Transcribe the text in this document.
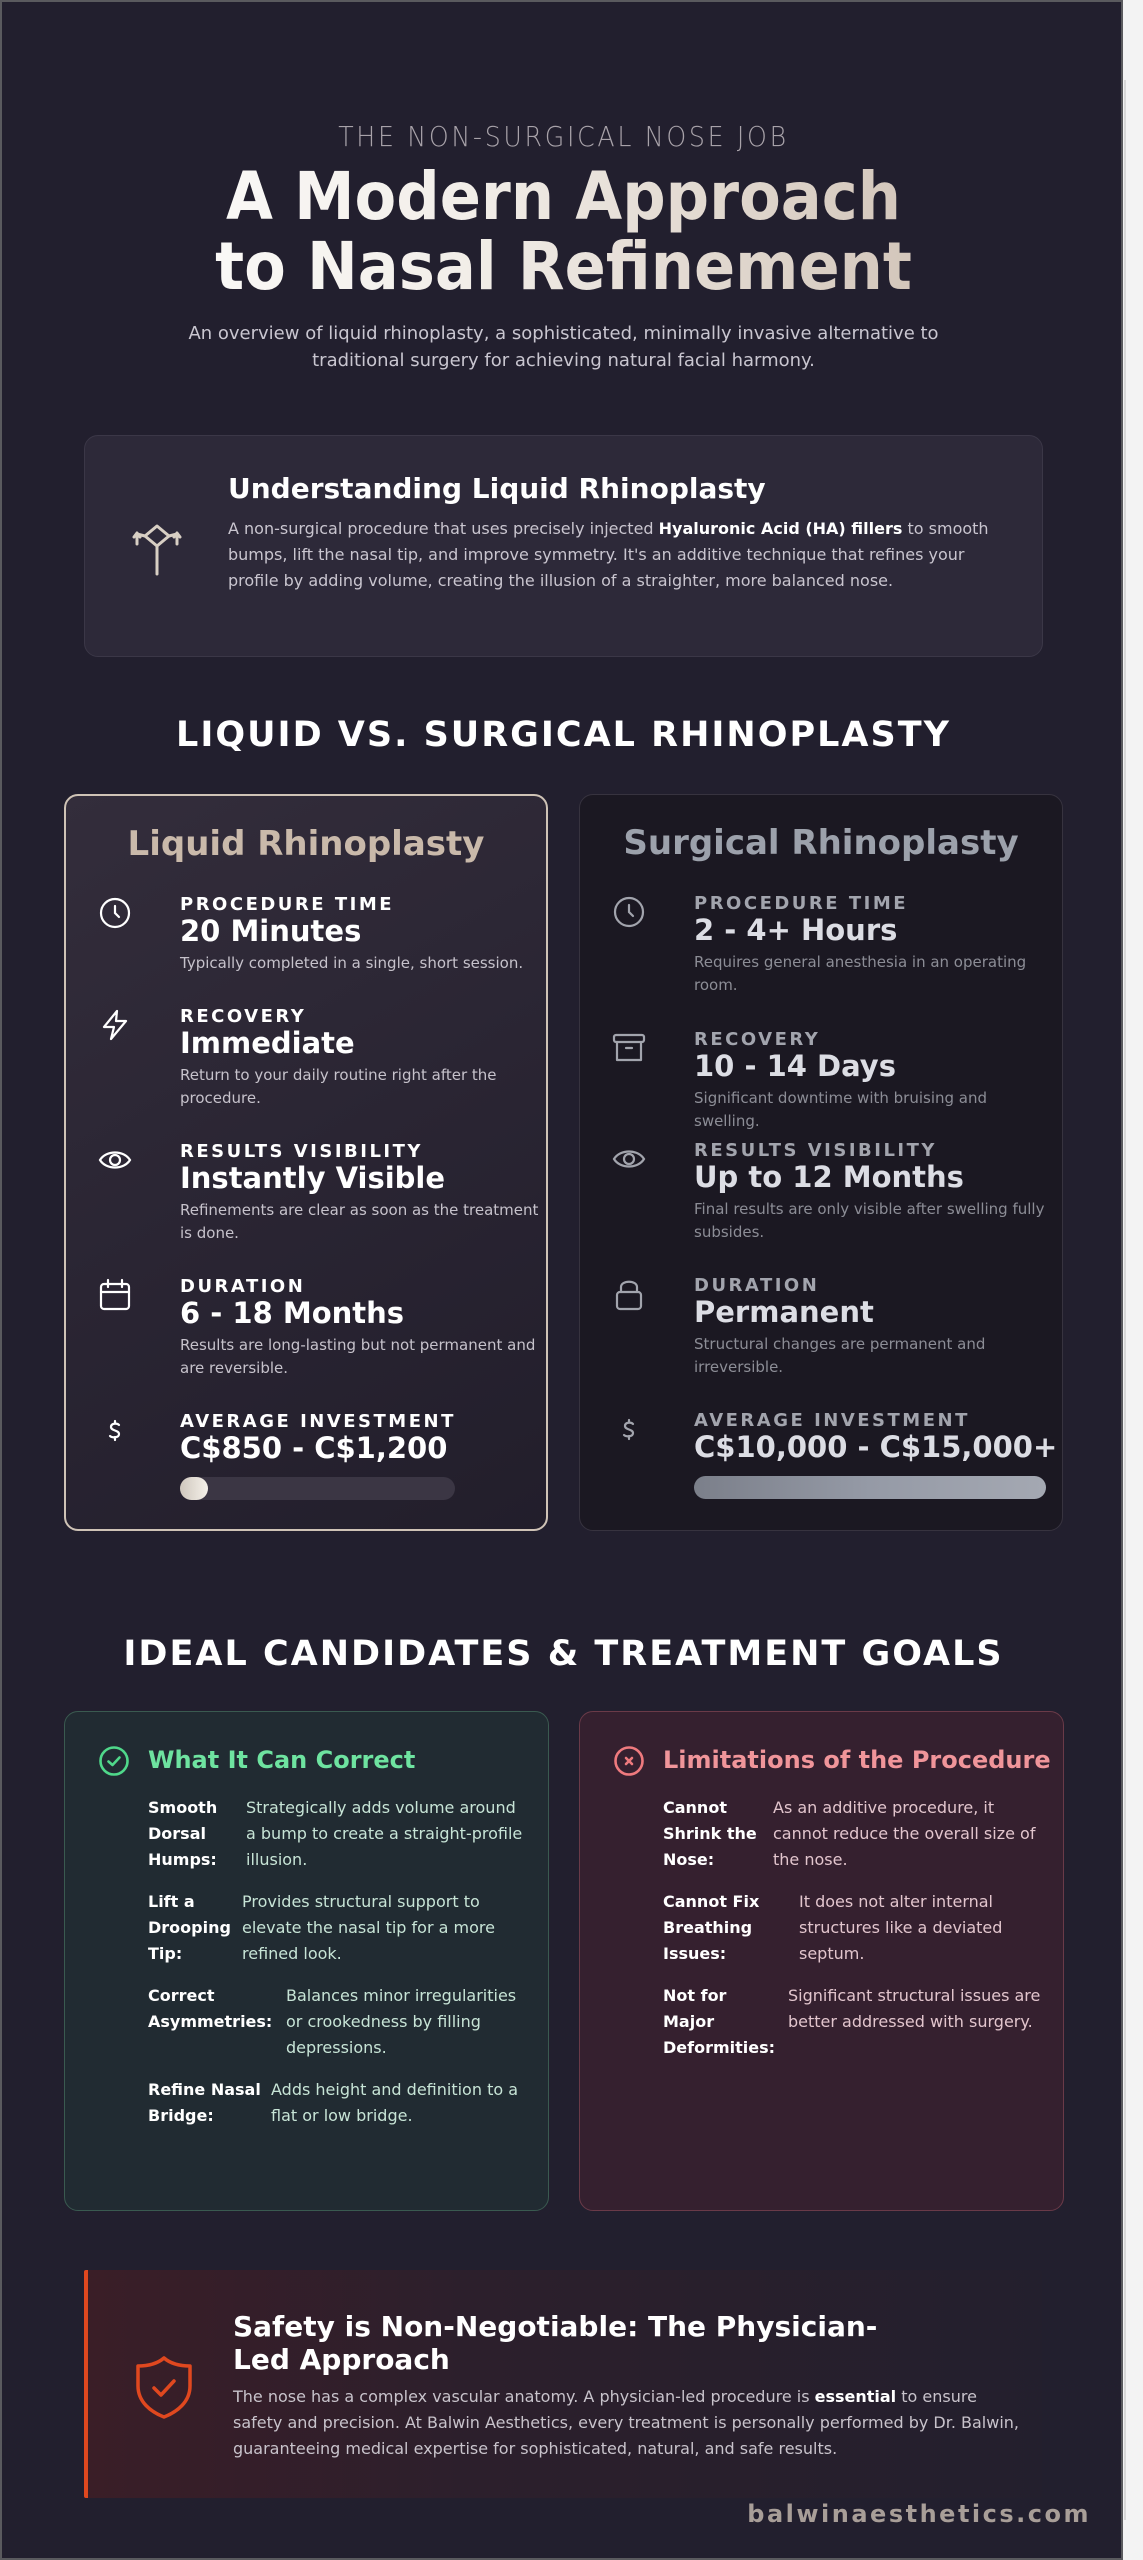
THE NON-SURGICAL NOSE JOB
A Modern Approach
to Nasal Refinement
An overview of liquid rhinoplasty, a sophisticated, minimally invasive alternative to traditional surgery for achieving natural facial harmony.
Understanding Liquid Rhinoplasty
A non-surgical procedure that uses precisely injected Hyaluronic Acid (HA) fillers to smooth bumps, lift the nasal tip, and improve symmetry. It's an additive technique that refines your profile by adding volume, creating the illusion of a straighter, more balanced nose.
LIQUID VS. SURGICAL RHINOPLASTY
Liquid Rhinoplasty
PROCEDURE TIME
20 Minutes
Typically completed in a single, short session.
RECOVERY
Immediate
Return to your daily routine right after the procedure.
RESULTS VISIBILITY
Instantly Visible
Refinements are clear as soon as the treatment is done.
DURATION
6 - 18 Months
Results are long-lasting but not permanent and are reversible.
AVERAGE INVESTMENT
C$850 - C$1,200
Surgical Rhinoplasty
PROCEDURE TIME
2 - 4+ Hours
Requires general anesthesia in an operating room.
RECOVERY
10 - 14 Days
Significant downtime with bruising and swelling.
RESULTS VISIBILITY
Up to 12 Months
Final results are only visible after swelling fully subsides.
DURATION
Permanent
Structural changes are permanent and irreversible.
AVERAGE INVESTMENT
C$10,000 - C$15,000+
IDEAL CANDIDATES & TREATMENT GOALS
What It Can Correct
Smooth Dorsal Humps:
Strategically adds volume around a bump to create a straight-profile illusion.
Lift a Drooping Tip:
Provides structural support to elevate the nasal tip for a more refined look.
Correct Asymmetries:
Balances minor irregularities or crookedness by filling depressions.
Refine Nasal Bridge:
Adds height and definition to a flat or low bridge.
Limitations of the Procedure
Cannot Shrink the Nose:
As an additive procedure, it cannot reduce the overall size of the nose.
Cannot Fix Breathing Issues:
It does not alter internal structures like a deviated septum.
Not for Major Deformities:
Significant structural issues are better addressed with surgery.
Safety is Non-Negotiable: The Physician-Led Approach
The nose has a complex vascular anatomy. A physician-led procedure is essential to ensure safety and precision. At Balwin Aesthetics, every treatment is personally performed by Dr. Balwin, guaranteeing medical expertise for sophisticated, natural, and safe results.
balwinaesthetics.com
